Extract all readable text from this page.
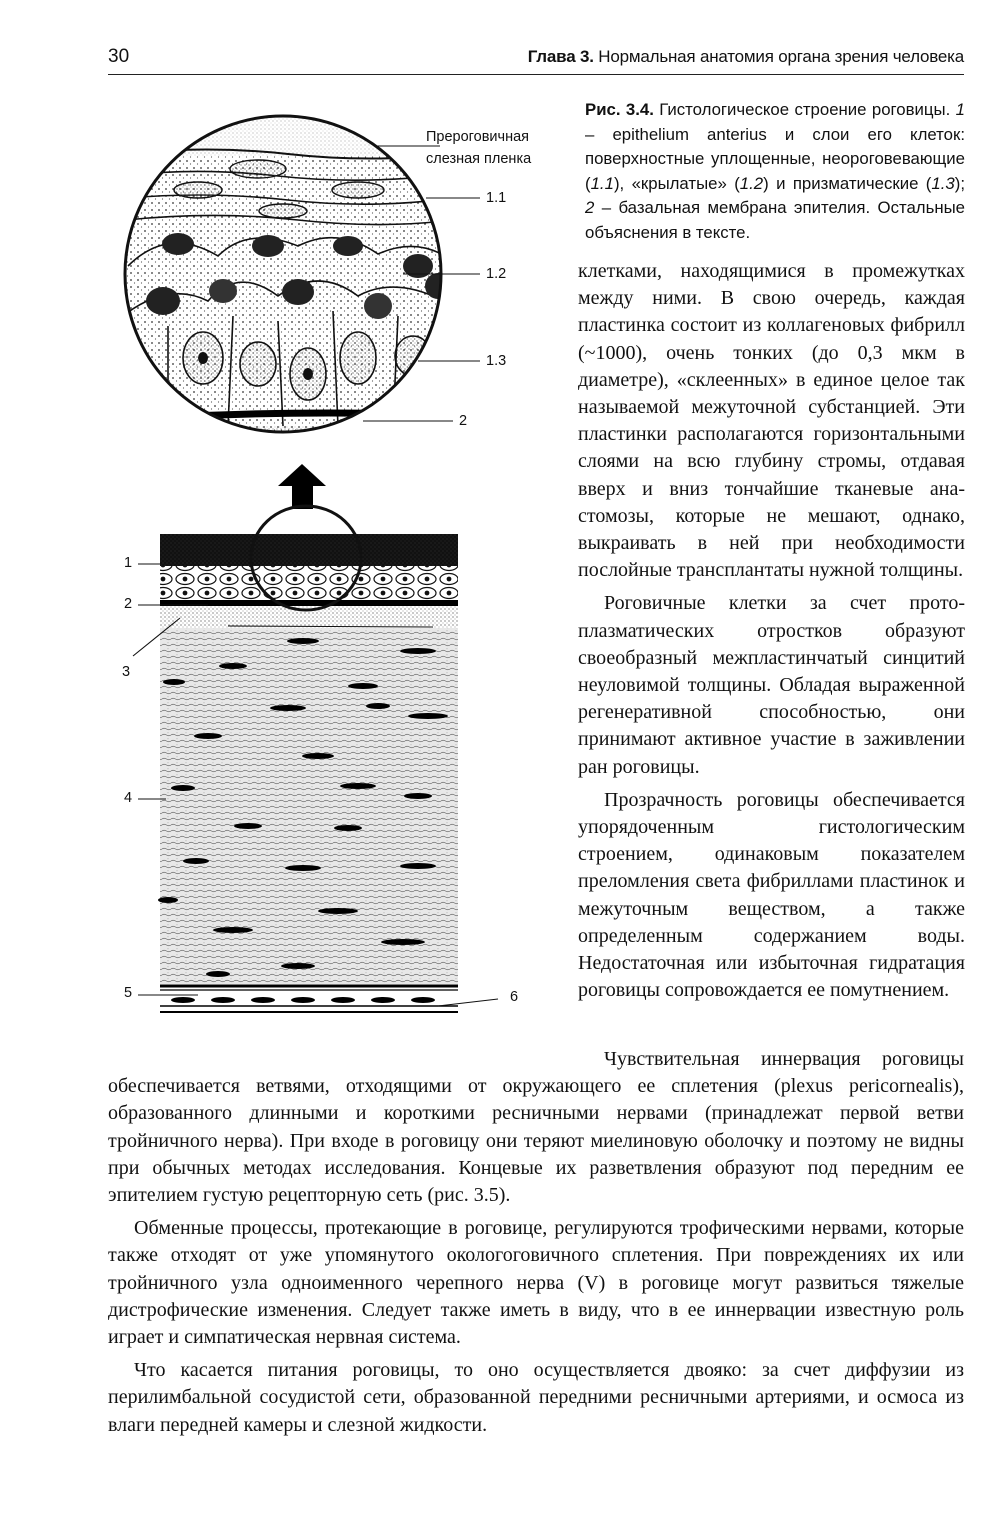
30	Глава 3. Нормальная анатомия органа зрения человека
Прероговичная слезная пленка
1.1
1.2
1.3
2
1
2
3
4
5	6
Рис. 3.4. Гистологическое строение роговицы. 1 – epithelium anterius и слои его клеток: поверхностные уплощенные, неороговевающие (1.1), «крылатые» (1.2) и призматические (1.3); 2 – базальная мембрана эпителия. Остальные объяснения в тексте.

клетками, находящимися в промежутках между ними. В свою очередь, каждая пластинка состоит из коллагеновых фибрилл (~1000), очень тонких (до 0,3 мкм в диаметре), «склеенных» в единое целое так называемой межуточной субстанцией. Эти пластинки располагаются горизонтальными слоями на всю глубину стромы, отдавая вверх и вниз тончайшие тканевые анастомозы, которые не мешают, однако, выкраивать в ней при необходимости послойные трансплантаты нужной толщины.

Роговичные клетки за счет протоплазматических отростков образуют своеобразный межпластинчатый синцитий неуловимой толщины. Обладая выраженной регенеративной способностью, они принимают активное участие в заживлении ран роговицы.

Прозрачность роговицы обеспечивается упорядоченным гистологическим строением, одинаковым показателем преломления света фибриллами пластинок и межуточным веществом, а также определенным содержанием воды. Недостаточная или избыточная гидратация роговицы сопровождается ее помутнением.

Чувствительная иннервация роговицы обеспечивается ветвями, отходящими от окружающего ее сплетения (plexus pericornealis), образованного длинными и короткими ресничными нервами (принадлежат первой ветви тройничного нерва). При входе в роговицу они теряют миелиновую оболочку и поэтому не видны при обычных методах исследования. Концевые их разветвления образуют под передним ее эпителием густую рецепторную сеть (рис. 3.5).

Обменные процессы, протекающие в роговице, регулируются трофическими нервами, которые также отходят от уже упомянутого окологоговичного сплетения. При повреждениях их или тройничного узла одноименного черепного нерва (V) в роговице могут развиться тяжелые дистрофические изменения. Следует также иметь в виду, что в ее иннервации известную роль играет и симпатическая нервная система.

Что касается питания роговицы, то оно осуществляется двояко: за счет диффузии из перилимбальной сосудистой сети, образованной передними ресничными артериями, и осмоса из влаги передней камеры и слезной жидкости.
